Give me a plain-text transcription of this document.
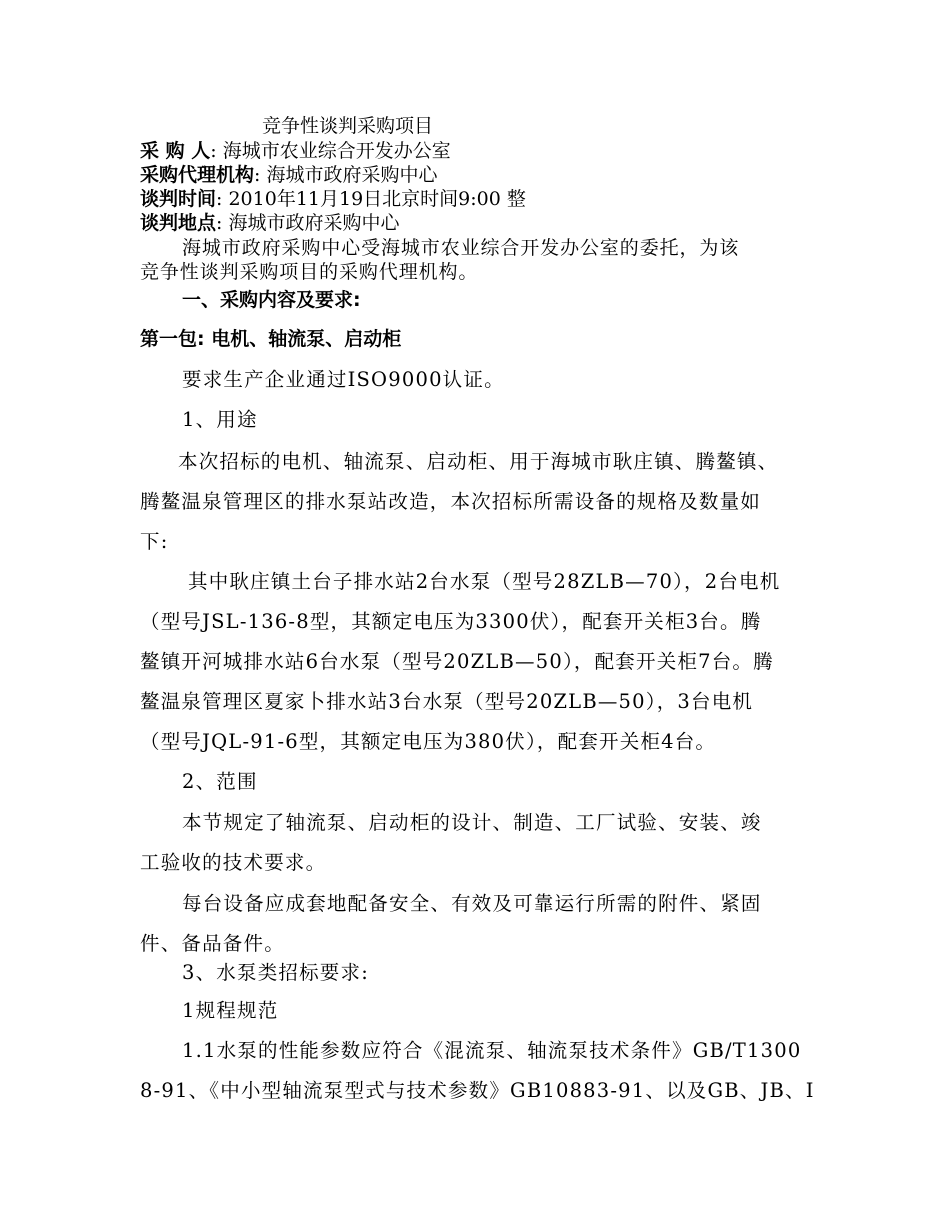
竞争性谈判采购项目
采 购 人: 海城市农业综合开发办公室
采购代理机构: 海城市政府采购中心
谈判时间: 2010年11月19日北京时间9:00 整
谈判地点: 海城市政府采购中心
海城市政府采购中心受海城市农业综合开发办公室的委托，为该
竞争性谈判采购项目的采购代理机构。
一、采购内容及要求:
第一包: 电机、轴流泵、启动柜
要求生产企业通过ISO9000认证。
1、用途
本次招标的电机、轴流泵、启动柜、用于海城市耿庄镇、腾鳌镇、
腾鳌温泉管理区的排水泵站改造，本次招标所需设备的规格及数量如
下:
其中耿庄镇土台子排水站2台水泵（型号28ZLB—70），2台电机
（型号JSL-136-8型，其额定电压为3300伏），配套开关柜3台。腾
鳌镇开河城排水站6台水泵（型号20ZLB—50），配套开关柜7台。腾
鳌温泉管理区夏家卜排水站3台水泵（型号20ZLB—50），3台电机
（型号JQL-91-6型，其额定电压为380伏），配套开关柜4台。
2、范围
本节规定了轴流泵、启动柜的设计、制造、工厂试验、安装、竣
工验收的技术要求。
每台设备应成套地配备安全、有效及可靠运行所需的附件、紧固
件、备品备件。
3、水泵类招标要求:
1规程规范
1.1水泵的性能参数应符合《混流泵、轴流泵技术条件》GB/T1300
8-91、《中小型轴流泵型式与技术参数》GB10883-91、以及GB、JB、I
